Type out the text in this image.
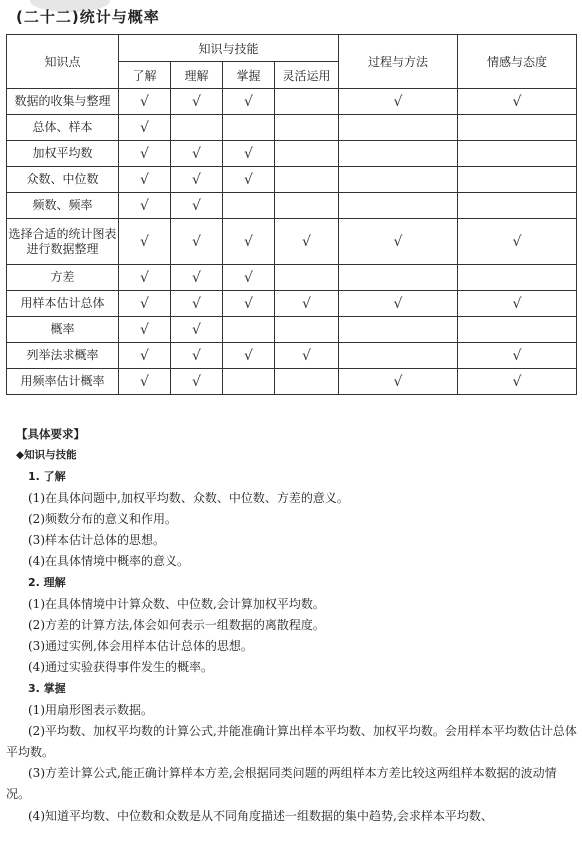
(二十二)统计与概率
知识点	知识与技能				过程与方法	情感与态度
	了解	理解	掌握	灵活运用		
数据的收集与整理	√	√	√		√	√
总体、样本	√					
加权平均数	√	√	√			
众数、中位数	√	√	√			
频数、频率	√	√				
选择合适的统计图表进行数据整理	√	√	√	√	√	√
方差	√	√	√			
用样本估计总体	√	√	√	√	√	√
概率	√	√				
列举法求概率	√	√	√	√		√
用频率估计概率	√	√			√	√

【具体要求】

◆知识与技能

1. 了解

(1)在具体问题中,加权平均数、众数、中位数、方差的意义。

(2)频数分布的意义和作用。

(3)样本估计总体的思想。

(4)在具体情境中概率的意义。

2. 理解

(1)在具体情境中计算众数、中位数,会计算加权平均数。

(2)方差的计算方法,体会如何表示一组数据的离散程度。

(3)通过实例,体会用样本估计总体的思想。

(4)通过实验获得事件发生的概率。

3. 掌握

(1)用扇形图表示数据。

(2)平均数、加权平均数的计算公式,并能准确计算出样本平均数、加权平均数。会用样本平均数估计总体平均数。

(3)方差计算公式,能正确计算样本方差,会根据同类问题的两组样本方差比较这两组样本数据的波动情况。

(4)知道平均数、中位数和众数是从不同角度描述一组数据的集中趋势,会求样本平均数、
